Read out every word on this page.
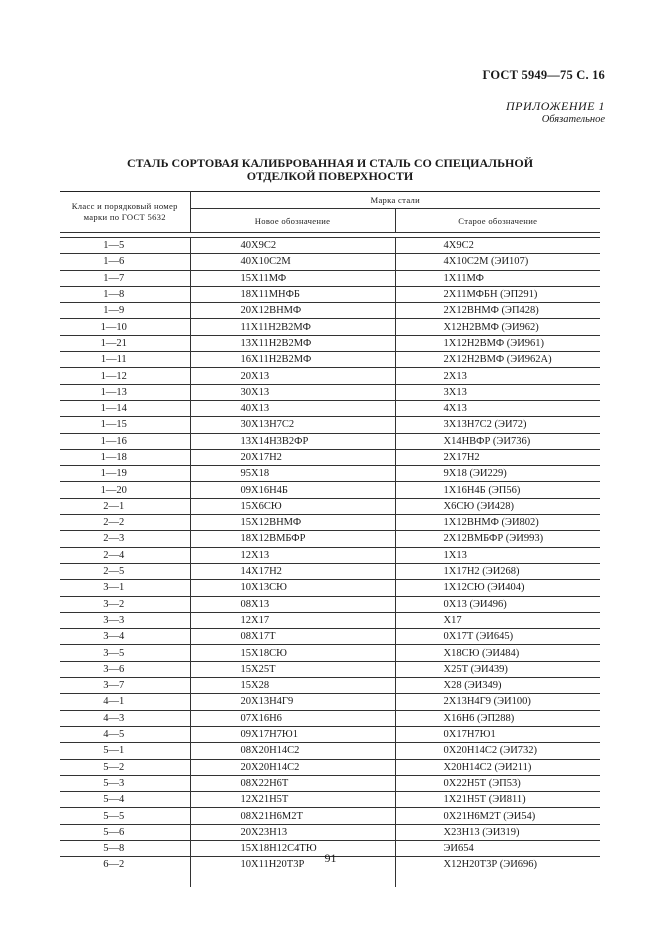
ГОСТ 5949—75 С. 16
ПРИЛОЖЕНИЕ 1
Обязательное
СТАЛЬ СОРТОВАЯ КАЛИБРОВАННАЯ И СТАЛЬ СО СПЕЦИАЛЬНОЙ
ОТДЕЛКОЙ ПОВЕРХНОСТИ
Класс и порядковый номер
марки по ГОСТ 5632	Марка стали	
	Новое обозначение	Старое обозначение

1—5	40Х9С2	4Х9С2
1—6	40Х10С2М	4Х10С2М (ЭИ107)
1—7	15Х11МФ	1Х11МФ
1—8	18Х11МНФБ	2Х11МФБН (ЭП291)
1—9	20Х12ВНМФ	2Х12ВНМФ (ЭП428)
1—10	11Х11Н2В2МФ	Х12Н2ВМФ (ЭИ962)
1—21	13Х11Н2В2МФ	1Х12Н2ВМФ (ЭИ961)
1—11	16Х11Н2В2МФ	2Х12Н2ВМФ (ЭИ962А)
1—12	20Х13	2Х13
1—13	30Х13	3Х13
1—14	40Х13	4Х13
1—15	30Х13Н7С2	3Х13Н7С2 (ЭИ72)
1—16	13Х14Н3В2ФР	Х14НВФР (ЭИ736)
1—18	20Х17Н2	2Х17Н2
1—19	95Х18	9Х18 (ЭИ229)
1—20	09Х16Н4Б	1Х16Н4Б (ЭП56)
2—1	15Х6СЮ	Х6СЮ (ЭИ428)
2—2	15Х12ВНМФ	1Х12ВНМФ (ЭИ802)
2—3	18Х12ВМБФР	2Х12ВМБФР (ЭИ993)
2—4	12Х13	1Х13
2—5	14Х17Н2	1Х17Н2 (ЭИ268)
3—1	10Х13СЮ	1Х12СЮ (ЭИ404)
3—2	08Х13	0Х13 (ЭИ496)
3—3	12Х17	Х17
3—4	08Х17Т	0Х17Т (ЭИ645)
3—5	15Х18СЮ	Х18СЮ (ЭИ484)
3—6	15Х25Т	Х25Т (ЭИ439)
3—7	15Х28	Х28 (ЭИ349)
4—1	20Х13Н4Г9	2Х13Н4Г9 (ЭИ100)
4—3	07Х16Н6	Х16Н6 (ЭП288)
4—5	09Х17Н7Ю1	0Х17Н7Ю1
5—1	08Х20Н14С2	0Х20Н14С2 (ЭИ732)
5—2	20Х20Н14С2	Х20Н14С2 (ЭИ211)
5—3	08Х22Н6Т	0Х22Н5Т (ЭП53)
5—4	12Х21Н5Т	1Х21Н5Т (ЭИ811)
5—5	08Х21Н6М2Т	0Х21Н6М2Т (ЭИ54)
5—6	20Х23Н13	Х23Н13 (ЭИ319)
5—8	15Х18Н12С4ТЮ	ЭИ654
6—2	10Х11Н20Т3Р	Х12Н20Т3Р (ЭИ696)

91
